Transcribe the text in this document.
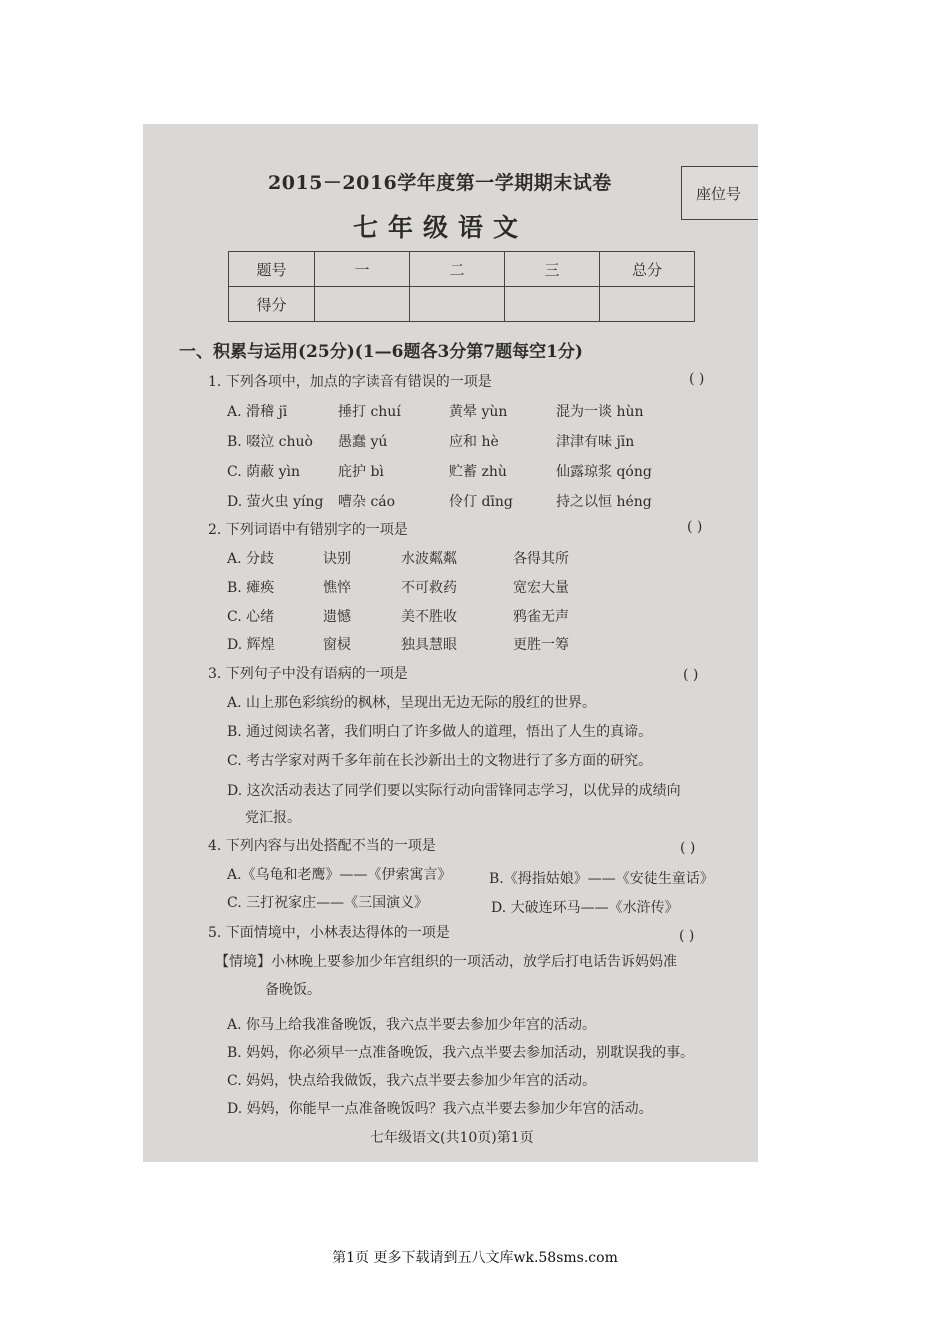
2015－2016学年度第一学期期末试卷
七年级语文
座位号
题号	一	二	三	总分
得分				
一、积累与运用(25分)(1—6题各3分第7题每空1分)
1. 下列各项中，加点的字读音有错误的一项是	( )
A. 滑稽 jī	捶打 chuí	黄晕 yùn	混为一谈 hùn
B. 啜泣 chuò 愚蠢 yú	应和 hè	津津有味 jīn
C. 荫蔽 yìn	庇护 bì	贮蓄 zhù	仙露琼浆 qóng
D. 萤火虫 yíng 嘈杂 cáo	伶仃 dīng	持之以恒 héng
2. 下列词语中有错别字的一项是	( )
A. 分歧	诀别	水波粼粼	各得其所
B. 瘫痪	憔悴	不可救药	宽宏大量
C. 心绪	遗憾	美不胜收	鸦雀无声
D. 辉煌	窗棂	独具慧眼	更胜一筹
3. 下列句子中没有语病的一项是	( )
A. 山上那色彩缤纷的枫林，呈现出无边无际的殷红的世界。
B. 通过阅读名著，我们明白了许多做人的道理，悟出了人生的真谛。
C. 考古学家对两千多年前在长沙新出土的文物进行了多方面的研究。
D. 这次活动表达了同学们要以实际行动向雷锋同志学习，以优异的成绩向
党汇报。
4. 下列内容与出处搭配不当的一项是	( )
A.《乌龟和老鹰》——《伊索寓言》	B.《拇指姑娘》——《安徒生童话》
C. 三打祝家庄——《三国演义》	D. 大破连环马——《水浒传》
5. 下面情境中，小林表达得体的一项是	( )
【情境】小林晚上要参加少年宫组织的一项活动，放学后打电话告诉妈妈准
备晚饭。
A. 你马上给我准备晚饭，我六点半要去参加少年宫的活动。
B. 妈妈，你必须早一点准备晚饭，我六点半要去参加活动，别耽误我的事。
C. 妈妈，快点给我做饭，我六点半要去参加少年宫的活动。
D. 妈妈，你能早一点准备晚饭吗？我六点半要去参加少年宫的活动。
七年级语文(共10页)第1页
第1页 更多下载请到五八文库wk.58sms.com
